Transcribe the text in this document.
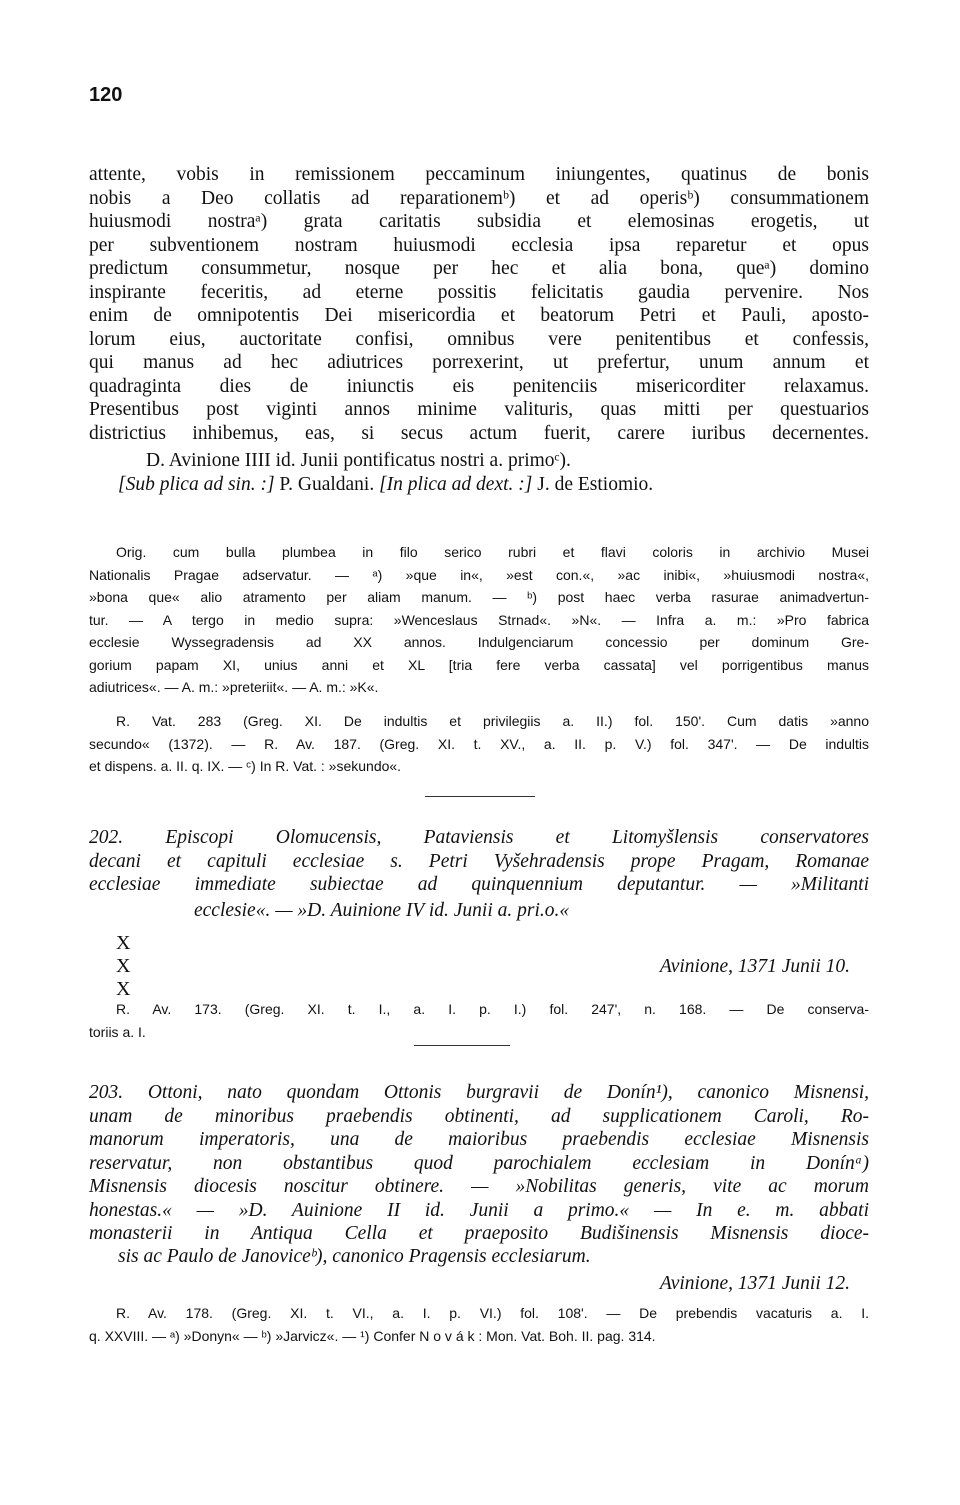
120
attente, vobis in remissionem peccaminum iniungentes, quatinus de bonis
nobis a Deo collatis ad reparationemᵇ) et ad operisᵇ) consummationem
huiusmodi nostraᵃ) grata caritatis subsidia et elemosinas erogetis, ut
per subventionem nostram huiusmodi ecclesia ipsa reparetur et opus
predictum consummetur, nosque per hec et alia bona, queᵃ) domino
inspirante feceritis, ad eterne possitis felicitatis gaudia pervenire. Nos
enim de omnipotentis Dei misericordia et beatorum Petri et Pauli, aposto-
lorum eius, auctoritate confisi, omnibus vere penitentibus et confessis,
qui manus ad hec adiutrices porrexerint, ut prefertur, unum annum et
quadraginta dies de iniunctis eis penitenciis misericorditer relaxamus.
Presentibus post viginti annos minime valituris, quas mitti per questuarios
districtius inhibemus, eas, si secus actum fuerit, carere iuribus decernentes.
D. Avinione IIII id. Junii pontificatus nostri a. primoᶜ).
[Sub plica ad sin. :] P. Gualdani. [In plica ad dext. :] J. de Estiomio.
Orig. cum bulla plumbea in filo serico rubri et flavi coloris in archivio Musei
Nationalis Pragae adservatur. — ᵃ) »que in«, »est con.«, »ac inibi«, »huiusmodi nostra«,
»bona que« alio atramento per aliam manum. — ᵇ) post haec verba rasurae animadvertun-
tur. — A tergo in medio supra: »Wenceslaus Strnad«. »N«. — Infra a. m.: »Pro fabrica
ecclesie Wyssegradensis ad XX annos. Indulgenciarum concessio per dominum Gre-
gorium papam XI, unius anni et XL [tria fere verba cassata] vel porrigentibus manus
adiutrices«. — A. m.: »preteriit«. — A. m.: »K«.
R. Vat. 283 (Greg. XI. De indultis et privilegiis a. II.) fol. 150'. Cum datis »anno
secundo« (1372). — R. Av. 187. (Greg. XI. t. XV., a. II. p. V.) fol. 347'. — De indultis
et dispens. a. II. q. IX. — ᶜ) In R. Vat. : »sekundo«.
202. Episcopi Olomucensis, Pataviensis et Litomyšlensis conservatores
decani et capituli ecclesiae s. Petri Vyšehradensis prope Pragam, Romanae
ecclesiae immediate subiectae ad quinquennium deputantur. — »Militanti
ecclesie«. — »D. Auinione IV id. Junii a. pri.o.«
X
X
X
Avinione, 1371 Junii 10.
R. Av. 173. (Greg. XI. t. I., a. I. p. I.) fol. 247', n. 168. — De conserva-
toriis a. I.
203. Ottoni, nato quondam Ottonis burgravii de Donín¹), canonico Misnensi,
unam de minoribus praebendis obtinenti, ad supplicationem Caroli, Ro-
manorum imperatoris, una de maioribus praebendis ecclesiae Misnensis
reservatur, non obstantibus quod parochialem ecclesiam in Donínᵃ)
Misnensis diocesis noscitur obtinere. — »Nobilitas generis, vite ac morum
honestas.« — »D. Auinione II id. Junii a primo.« — In e. m. abbati
monasterii in Antiqua Cella et praeposito Budišinensis Misnensis dioce-
sis ac Paulo de Janoviceᵇ), canonico Pragensis ecclesiarum.
Avinione, 1371 Junii 12.
R. Av. 178. (Greg. XI. t. VI., a. I. p. VI.) fol. 108'. — De prebendis vacaturis a. I.
q. XXVIII. — ᵃ) »Donyn« — ᵇ) »Jarvicz«. — ¹) Confer N o v á k : Mon. Vat. Boh. II. pag. 314.
